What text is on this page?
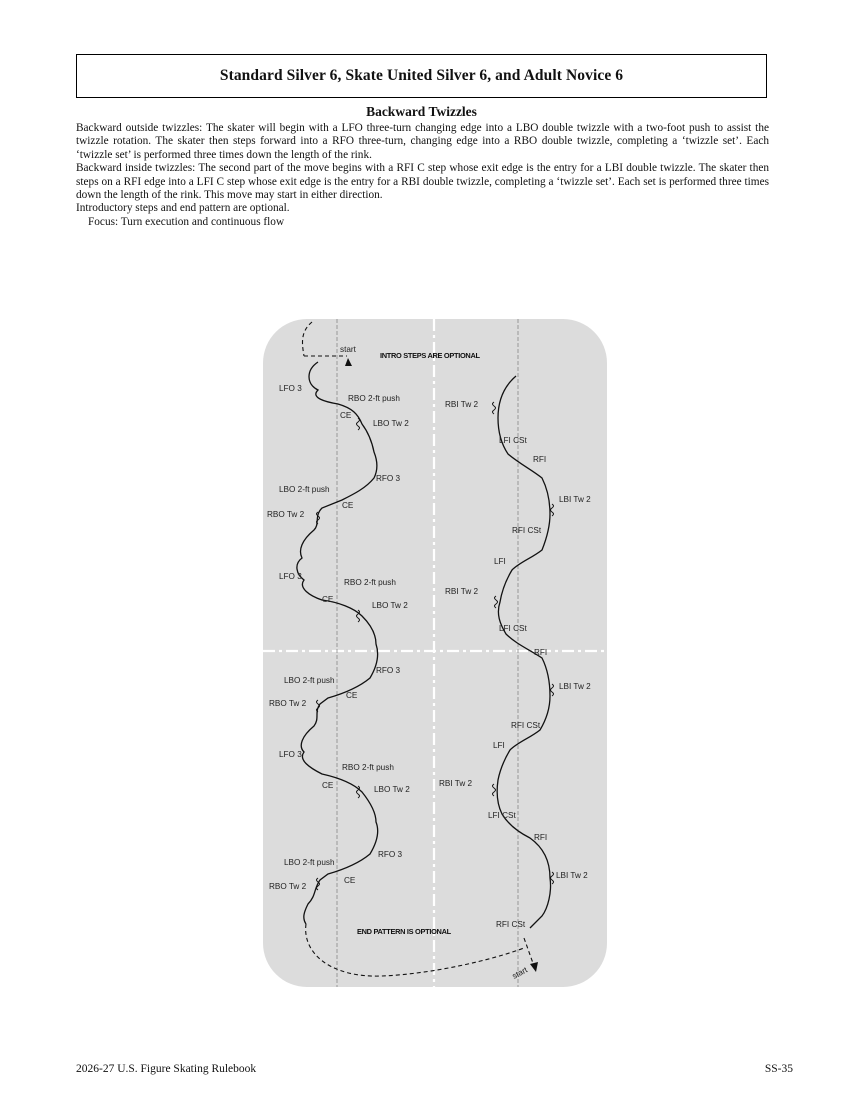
Standard Silver 6, Skate United Silver 6, and Adult Novice 6
Backward Twizzles

Backward outside twizzles: The skater will begin with a LFO three-turn changing edge into a LBO double twizzle with a two-foot push to assist the twizzle rotation. The skater then steps forward into a RFO three-turn, changing edge into a RBO double twizzle, completing a ‘twizzle set’. Each ‘twizzle set’ is performed three times down the length of the rink.

Backward inside twizzles: The second part of the move begins with a RFI C step whose exit edge is the entry for a LBI double twizzle. The skater then steps on a RFI edge into a LFI C step whose exit edge is the entry for a RBI double twizzle, completing a ‘twizzle set’. Each set is performed three times down the length of the rink. This move may start in either direction.

Introductory steps and end pattern are optional.

Focus: Turn execution and continuous flow

start
INTRO STEPS ARE OPTIONAL
LFO 3
RBO 2-ft push
CE
LBO Tw 2
RFO 3
LBO 2-ft push
CE
RBO Tw 2
LFO 3
RBO 2-ft push
CE
LBO Tw 2
RFO 3
LBO 2-ft push
CE
RBO Tw 2
LFO 3
RBO 2-ft push
CE	LBO Tw 2
RFO 3
LBO 2-ft push
CE
RBO Tw 2
RBI Tw 2
LFI CSt
RFI
LBI Tw 2
RFI CSt
LFI
RBI Tw 2
LFI CSt
RFI
LBI Tw 2
RFI CSt
LFI
RBI Tw 2
LFI CSt
RFI
LBI Tw 2
RFI CSt
END PATTERN IS OPTIONAL
start
2026-27 U.S. Figure Skating Rulebook	SS-35
